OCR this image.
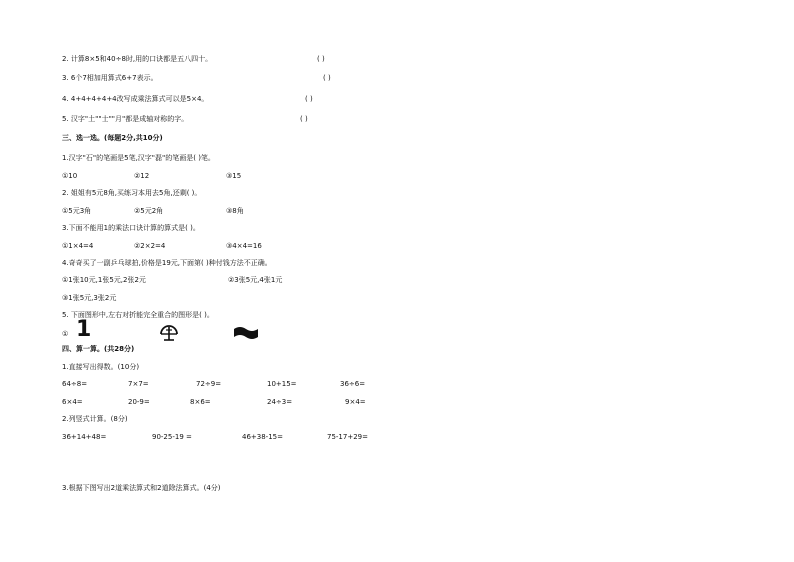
2. 计算8×5和40÷8时,用的口诀都是五八四十。	( )
3. 6个7相加用算式6+7表示。	( )
4. 4+4+4+4+4改写成乘法算式可以是5×4。	( )
5. 汉字"土""士""月"都是成轴对称的字。	( )
三、选一选。(每题2分,共10分)
1.汉字"石"的笔画是5笔,汉字"磊"的笔画是( )笔。
①10	②12	③15
2. 姐姐有5元8角,买练习本用去5角,还剩( )。
①5元3角	②5元2角	③8角
3.下面不能用1的乘法口诀计算的算式是( )。
①1×4=4	②2×2=4	③4×4=16
4.奇奇买了一副乒乓球拍,价格是19元,下面第( )种付钱方法不正确。
①1张10元,1张5元,2张2元	②3张5元,4张1元
③1张5元,3张2元
5. 下面图形中,左右对折能完全重合的图形是( )。
① 1
四、算一算。(共28分)
1.直接写出得数。(10分)
64÷8=	7×7=	72÷9=	10+15=	36÷6=
6×4=	20-9=	8×6=	24÷3=	9×4=
2.列竖式计算。(8分)
36+14+48=	90-25-19 =	46+38-15=	75-17+29=
3.根据下图写出2道乘法算式和2道除法算式。(4分)
